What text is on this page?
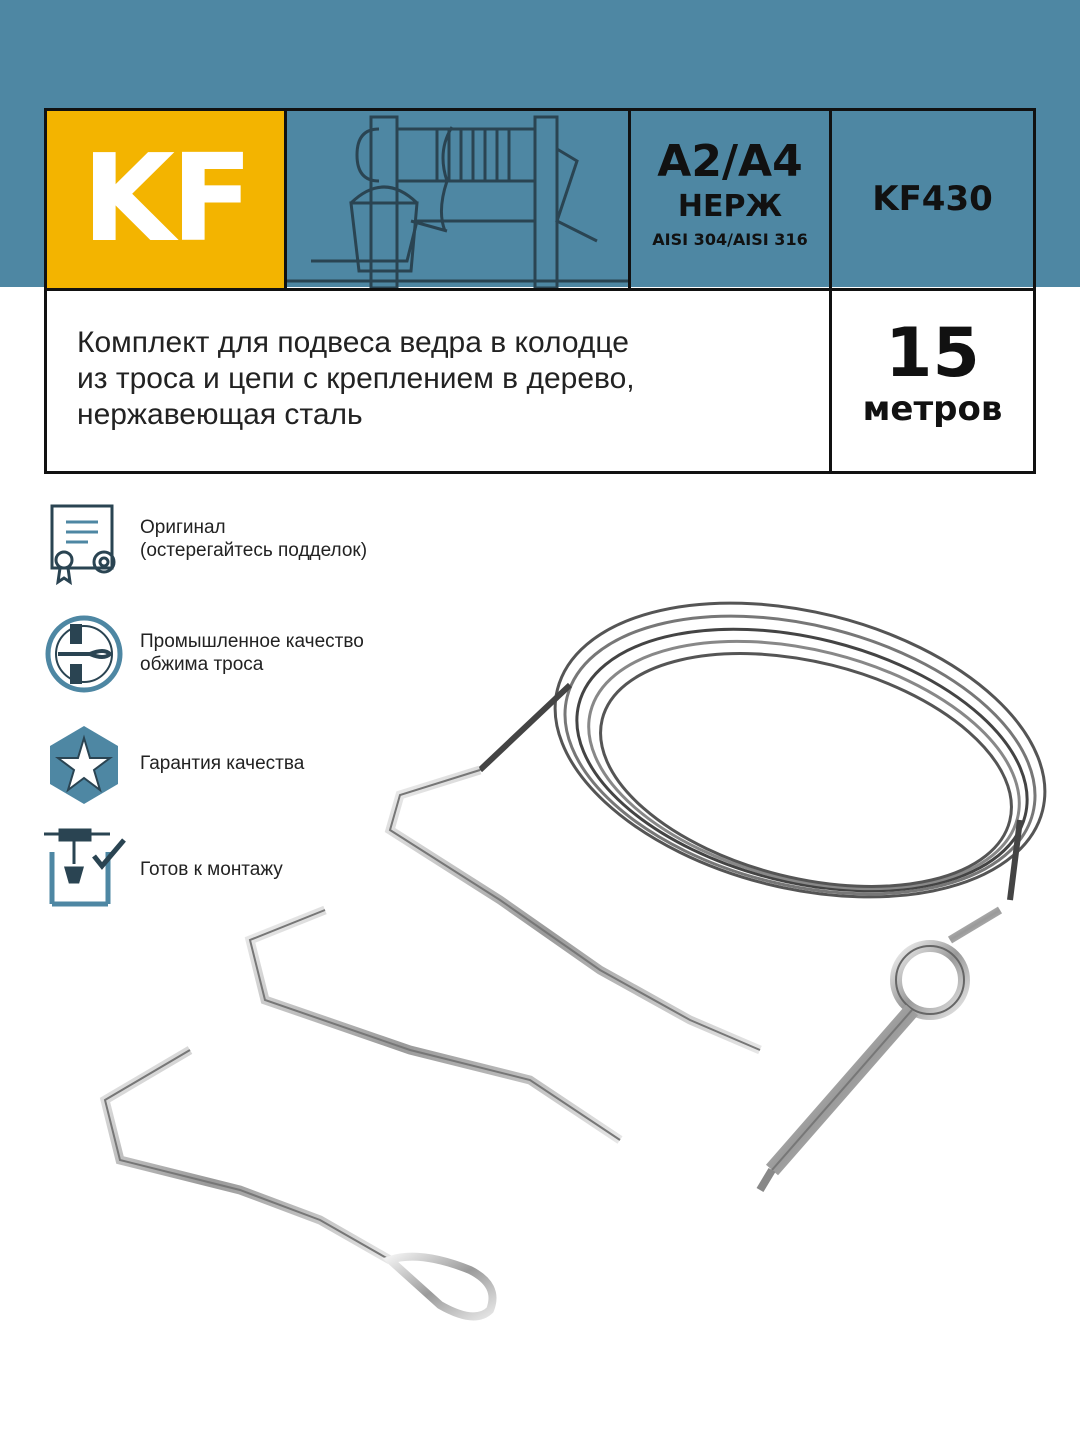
KF	A2/A4
НЕРЖ
AISI 304/AISI 316
KF430

Комплект для подвеса ведра в колодце

из троса и цепи с креплением в дерево,

нержавеющая сталь

15
метров
Оригинал
(остерегайтесь подделок)
Промышленное качество
обжима троса
Гарантия качества
Готов к монтажу
